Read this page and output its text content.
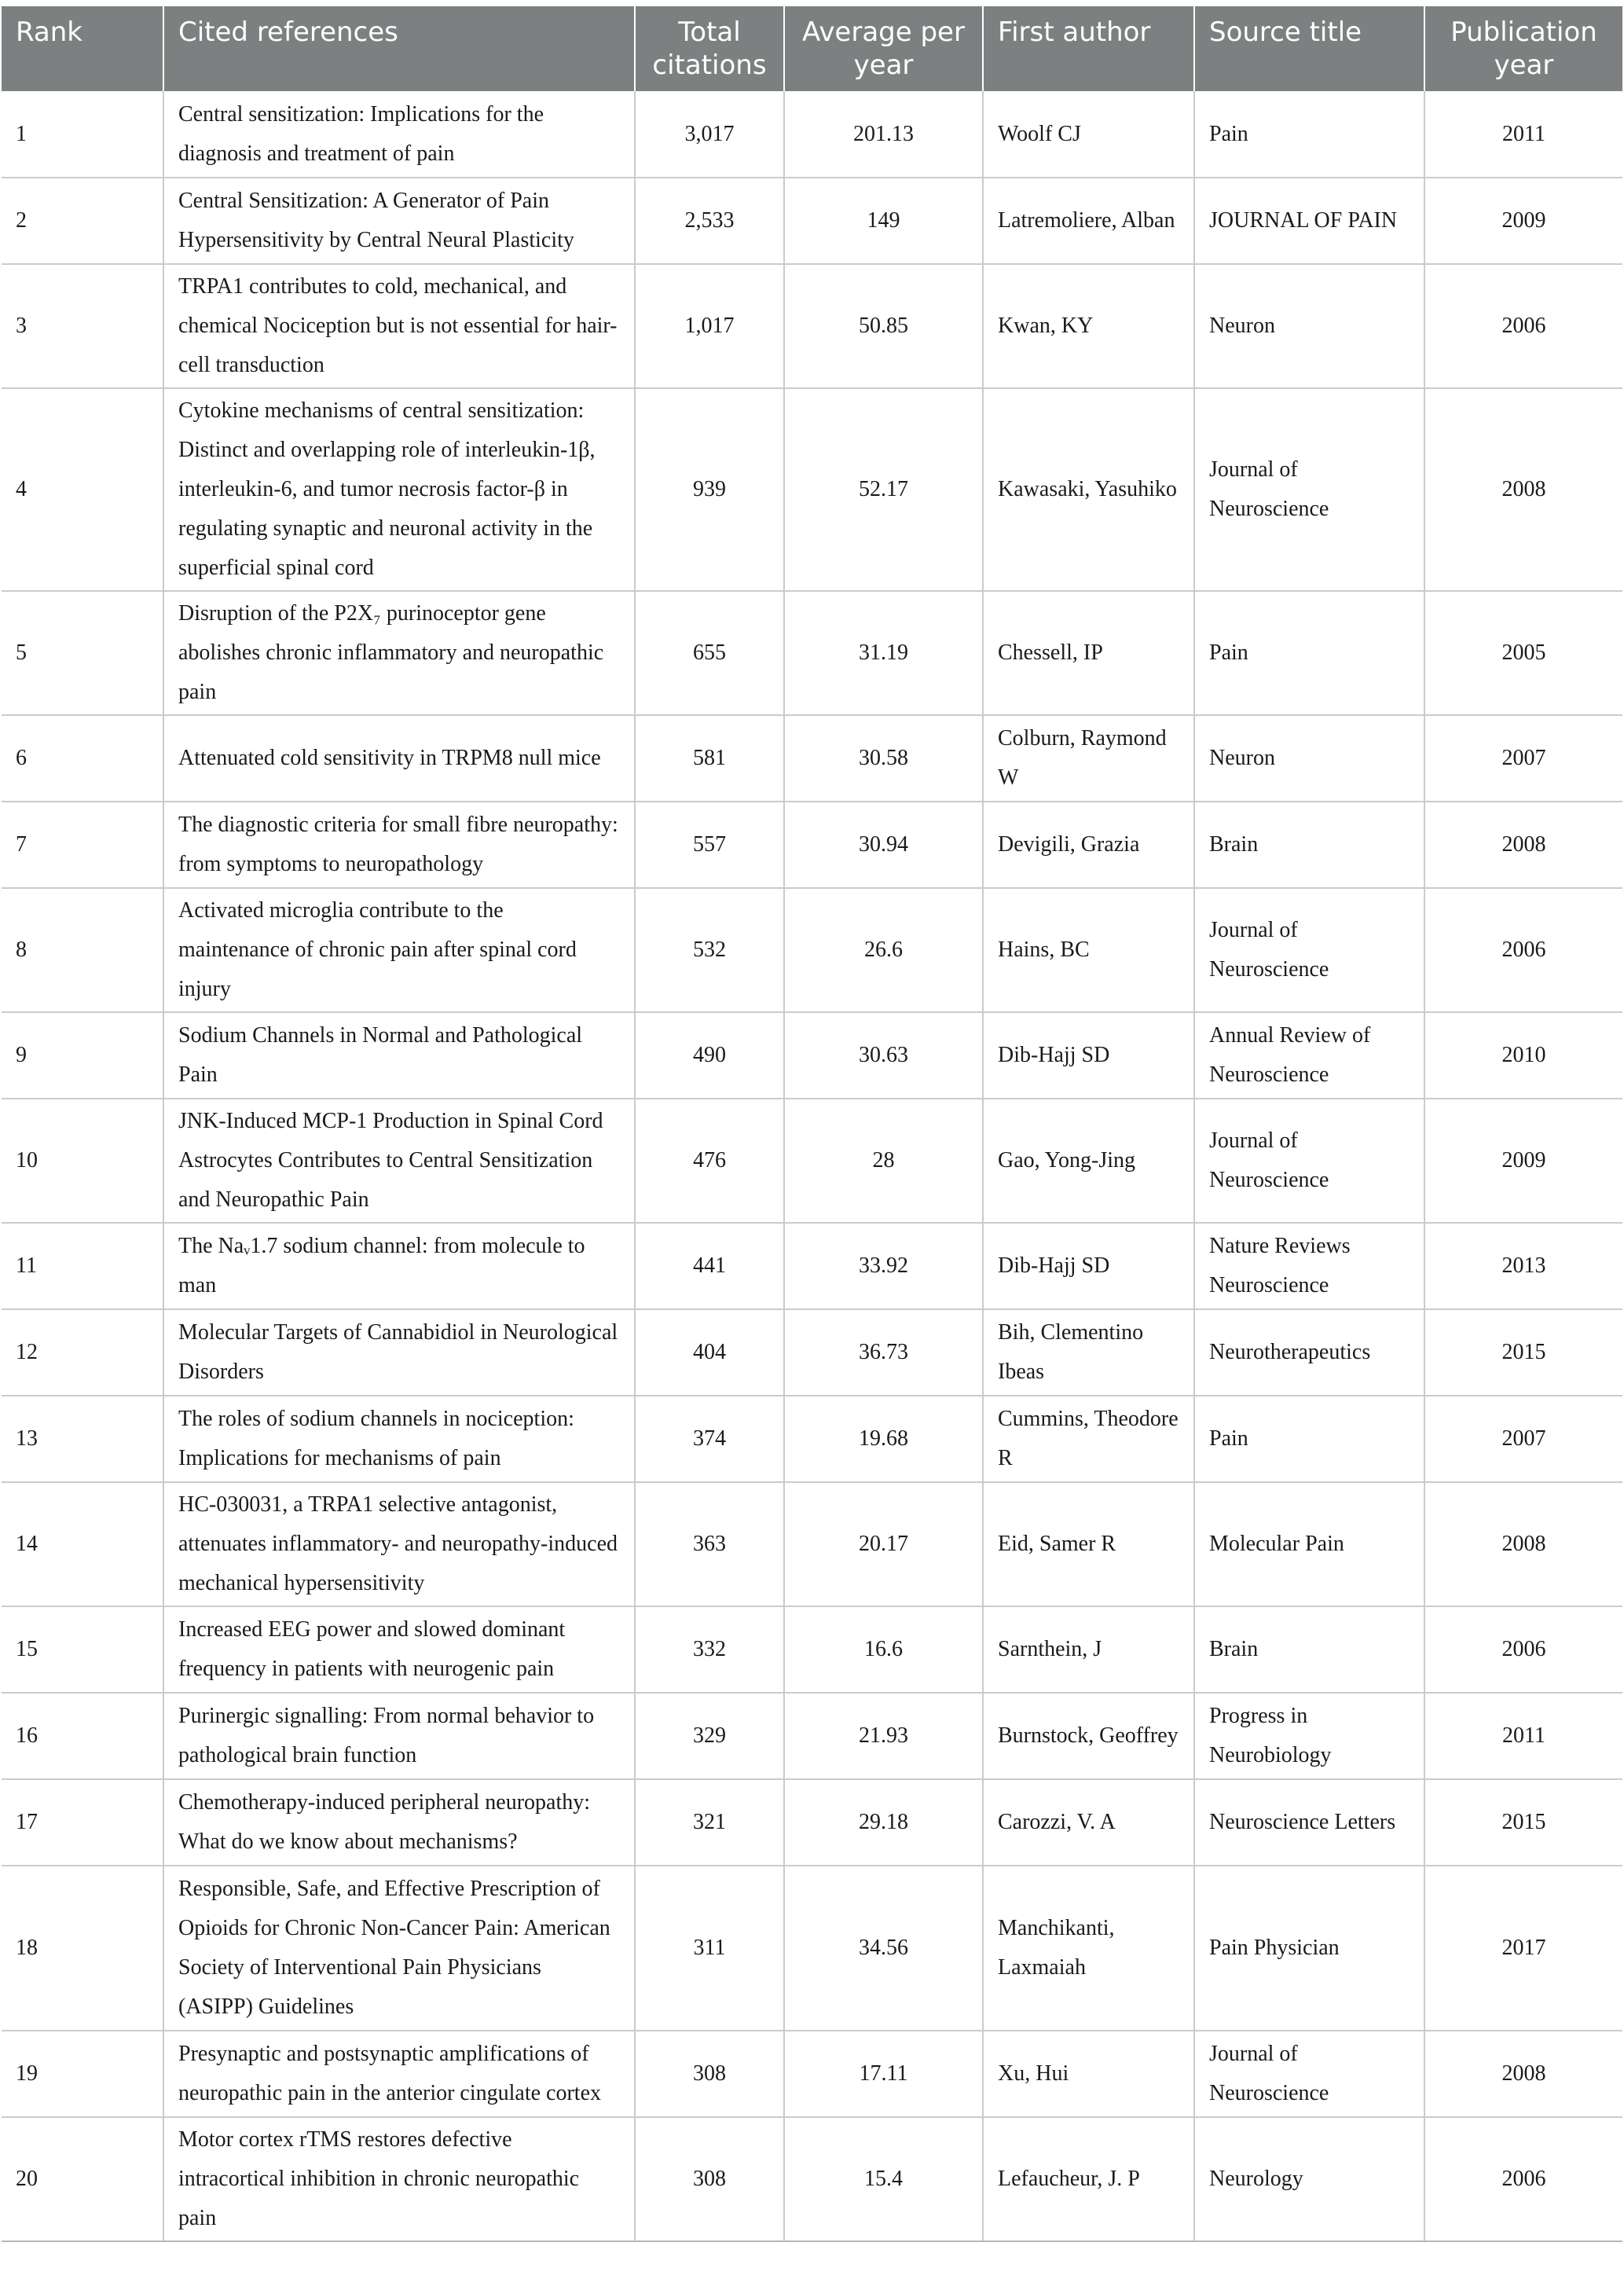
Rank	Cited references	Total citations	Average per year	First author	Source title	Publication year
1	Central sensitization: Implications for the diagnosis and treatment of pain	3,017	201.13	Woolf CJ	Pain	2011
2	Central Sensitization: A Generator of Pain Hypersensitivity by Central Neural Plasticity	2,533	149	Latremoliere, Alban	JOURNAL OF PAIN	2009
3	TRPA1 contributes to cold, mechanical, and chemical Nociception but is not essential for hair-cell transduction	1,017	50.85	Kwan, KY	Neuron	2006
4	Cytokine mechanisms of central sensitization: Distinct and overlapping role of interleukin-1β, interleukin-6, and tumor necrosis factor-β in regulating synaptic and neuronal activity in the superficial spinal cord	939	52.17	Kawasaki, Yasuhiko	Journal of Neuroscience	2008
5	Disruption of the P2X₇ purinoceptor gene abolishes chronic inflammatory and neuropathic pain	655	31.19	Chessell, IP	Pain	2005
6	Attenuated cold sensitivity in TRPM8 null mice	581	30.58	Colburn, Raymond W	Neuron	2007
7	The diagnostic criteria for small fibre neuropathy: from symptoms to neuropathology	557	30.94	Devigili, Grazia	Brain	2008
8	Activated microglia contribute to the maintenance of chronic pain after spinal cord injury	532	26.6	Hains, BC	Journal of Neuroscience	2006
9	Sodium Channels in Normal and Pathological Pain	490	30.63	Dib-Hajj SD	Annual Review of Neuroscience	2010
10	JNK-Induced MCP-1 Production in Spinal Cord Astrocytes Contributes to Central Sensitization and Neuropathic Pain	476	28	Gao, Yong-Jing	Journal of Neuroscience	2009
11	The Naᵥ1.7 sodium channel: from molecule to man	441	33.92	Dib-Hajj SD	Nature Reviews Neuroscience	2013
12	Molecular Targets of Cannabidiol in Neurological Disorders	404	36.73	Bih, Clementino Ibeas	Neurotherapeutics	2015
13	The roles of sodium channels in nociception: Implications for mechanisms of pain	374	19.68	Cummins, Theodore R	Pain	2007
14	HC-030031, a TRPA1 selective antagonist, attenuates inflammatory- and neuropathy-induced mechanical hypersensitivity	363	20.17	Eid, Samer R	Molecular Pain	2008
15	Increased EEG power and slowed dominant frequency in patients with neurogenic pain	332	16.6	Sarnthein, J	Brain	2006
16	Purinergic signalling: From normal behavior to pathological brain function	329	21.93	Burnstock, Geoffrey	Progress in Neurobiology	2011
17	Chemotherapy-induced peripheral neuropathy: What do we know about mechanisms?	321	29.18	Carozzi, V. A	Neuroscience Letters	2015
18	Responsible, Safe, and Effective Prescription of Opioids for Chronic Non-Cancer Pain: American Society of Interventional Pain Physicians (ASIPP) Guidelines	311	34.56	Manchikanti, Laxmaiah	Pain Physician	2017
19	Presynaptic and postsynaptic amplifications of neuropathic pain in the anterior cingulate cortex	308	17.11	Xu, Hui	Journal of Neuroscience	2008
20	Motor cortex rTMS restores defective intracortical inhibition in chronic neuropathic pain	308	15.4	Lefaucheur, J. P	Neurology	2006
